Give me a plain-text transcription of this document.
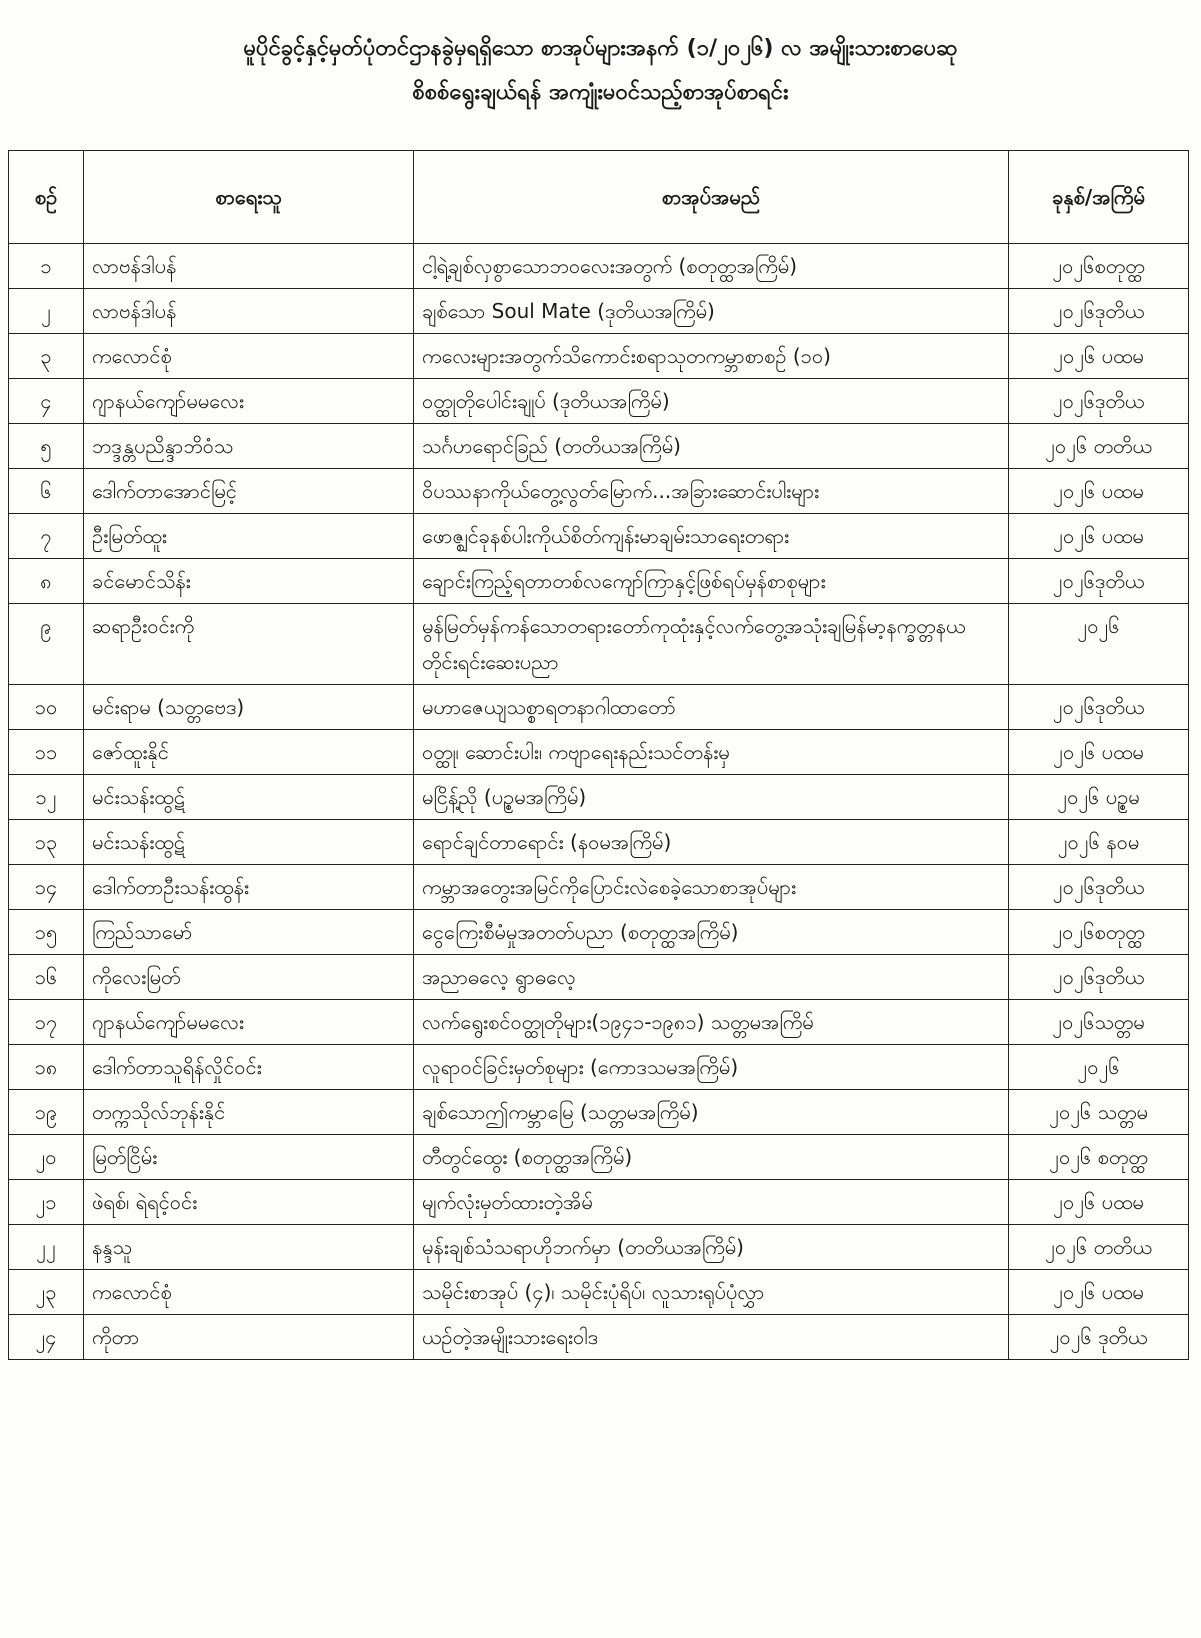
မူပိုင်ခွင့်နှင့်မှတ်ပုံတင်ဌာနခွဲမှရရှိသော စာအုပ်များအနက် (၁/၂၀၂၆) လ အမျိုးသားစာပေဆု
စိစစ်ရွေးချယ်ရန် အကျုံးမဝင်သည့်စာအုပ်စာရင်း
စဉ်	စာရေးသူ	စာအုပ်အမည်	ခုနှစ်/အကြိမ်
၁	လာဗန်ဒါပန်	ငါ့ရဲ့ချစ်လှစွာသောဘဝလေးအတွက် (စတုတ္ထအကြိမ်)	၂၀၂၆စတုတ္ထ
၂	လာဗန်ဒါပန်	ချစ်သော Soul Mate (ဒုတိယအကြိမ်)	၂၀၂၆ဒုတိယ
၃	ကလောင်စုံ	ကလေးများအတွက်သိကောင်းစရာသုတကမ္ဘာစာစဉ် (၁၀)	၂၀၂၆ ပထမ
၄	ဂျာနယ်ကျော်မမလေး	ဝတ္ထုတိုပေါင်းချုပ် (ဒုတိယအကြိမ်)	၂၀၂၆ဒုတိယ
၅	ဘဒ္ဒန္တပညိန္ဒာဘိဝံသ	သင်္ဂဟရောင်ခြည် (တတိယအကြိမ်)	၂၀၂၆ တတိယ
၆	ဒေါက်တာအောင်မြင့်	ဝိပဿနာကိုယ်တွေ့လွတ်မြောက်...အခြားဆောင်းပါးများ	၂၀၂၆ ပထမ
၇	ဦးမြတ်ထူး	ဖောဇ္ဈင်ခုနစ်ပါးကိုယ်စိတ်ကျန်းမာချမ်းသာရေးတရား	၂၀၂၆ ပထမ
၈	ခင်မောင်သိန်း	ချောင်းကြည့်ရတာတစ်လကျော်ကြာနှင့်ဖြစ်ရပ်မှန်စာစုများ	၂၀၂၆ဒုတိယ
၉	ဆရာဦးဝင်းကို	မွန်မြတ်မှန်ကန်သောတရားတော်ကုထုံးနှင့်လက်တွေ့အသုံးချမြန်မာ့နက္ခတ္တနယတိုင်းရင်းဆေးပညာ	၂၀၂၆
၁၀	မင်းရာမ (သတ္တဗေဒ)	မဟာဇေယျသစ္စာရတနာဂါထာတော်	၂၀၂၆ဒုတိယ
၁၁	ဇော်ထူးနိုင်	ဝတ္ထု၊ ဆောင်းပါး၊ ကဗျာရေးနည်းသင်တန်းမှ	၂၀၂၆ ပထမ
၁၂	မင်းသန်းထွဋ်	မငြိန့်ညို (ပဉ္စမအကြိမ်)	၂၀၂၆ ပဉ္စမ
၁၃	မင်းသန်းထွဋ်	ရောင်ချင်တာရောင်း (နဝမအကြိမ်)	၂၀၂၆ နဝမ
၁၄	ဒေါက်တာဦးသန်းထွန်း	ကမ္ဘာအတွေးအမြင်ကိုပြောင်းလဲစေခဲ့သောစာအုပ်များ	၂၀၂၆ဒုတိယ
၁၅	ကြည်သာမော်	ငွေကြေးစီမံမှုအတတ်ပညာ (စတုတ္ထအကြိမ်)	၂၀၂၆စတုတ္ထ
၁၆	ကိုလေးမြတ်	အညာဓလေ့ ရွာဓလေ့	၂၀၂၆ဒုတိယ
၁၇	ဂျာနယ်ကျော်မမလေး	လက်ရွေးစင်ဝတ္ထုတိုများ(၁၉၄၁-၁၉၈၁) သတ္တမအကြိမ်	၂၀၂၆သတ္တမ
၁၈	ဒေါက်တာသူရိန်လှိုင်ဝင်း	လူရာဝင်ခြင်းမှတ်စုများ (ကောဒသမအကြိမ်)	၂၀၂၆
၁၉	တက္ကသိုလ်ဘုန်းနိုင်	ချစ်သောဤကမ္ဘာမြေ (သတ္တမအကြိမ်)	၂၀၂၆ သတ္တမ
၂၀	မြတ်ငြိမ်း	တီတွင်ထွေး (စတုတ္ထအကြိမ်)	၂၀၂၆ စတုတ္ထ
၂၁	ဖဲရစ်၊ ရဲရင့်ဝင်း	မျက်လုံးမှတ်ထားတဲ့အိမ်	၂၀၂၆ ပထမ
၂၂	နန္ဒသူ	မုန်းချစ်သံသရာဟိုဘက်မှာ (တတိယအကြိမ်)	၂၀၂၆ တတိယ
၂၃	ကလောင်စုံ	သမိုင်းစာအုပ် (၄)၊ သမိုင်းပုံရိပ်၊ လူသားရုပ်ပုံလွှာ	၂၀၂၆ ပထမ
၂၄	ကိုတာ	ယဉ်တဲ့အမျိုးသားရေးဝါဒ	၂၀၂၆ ဒုတိယ
